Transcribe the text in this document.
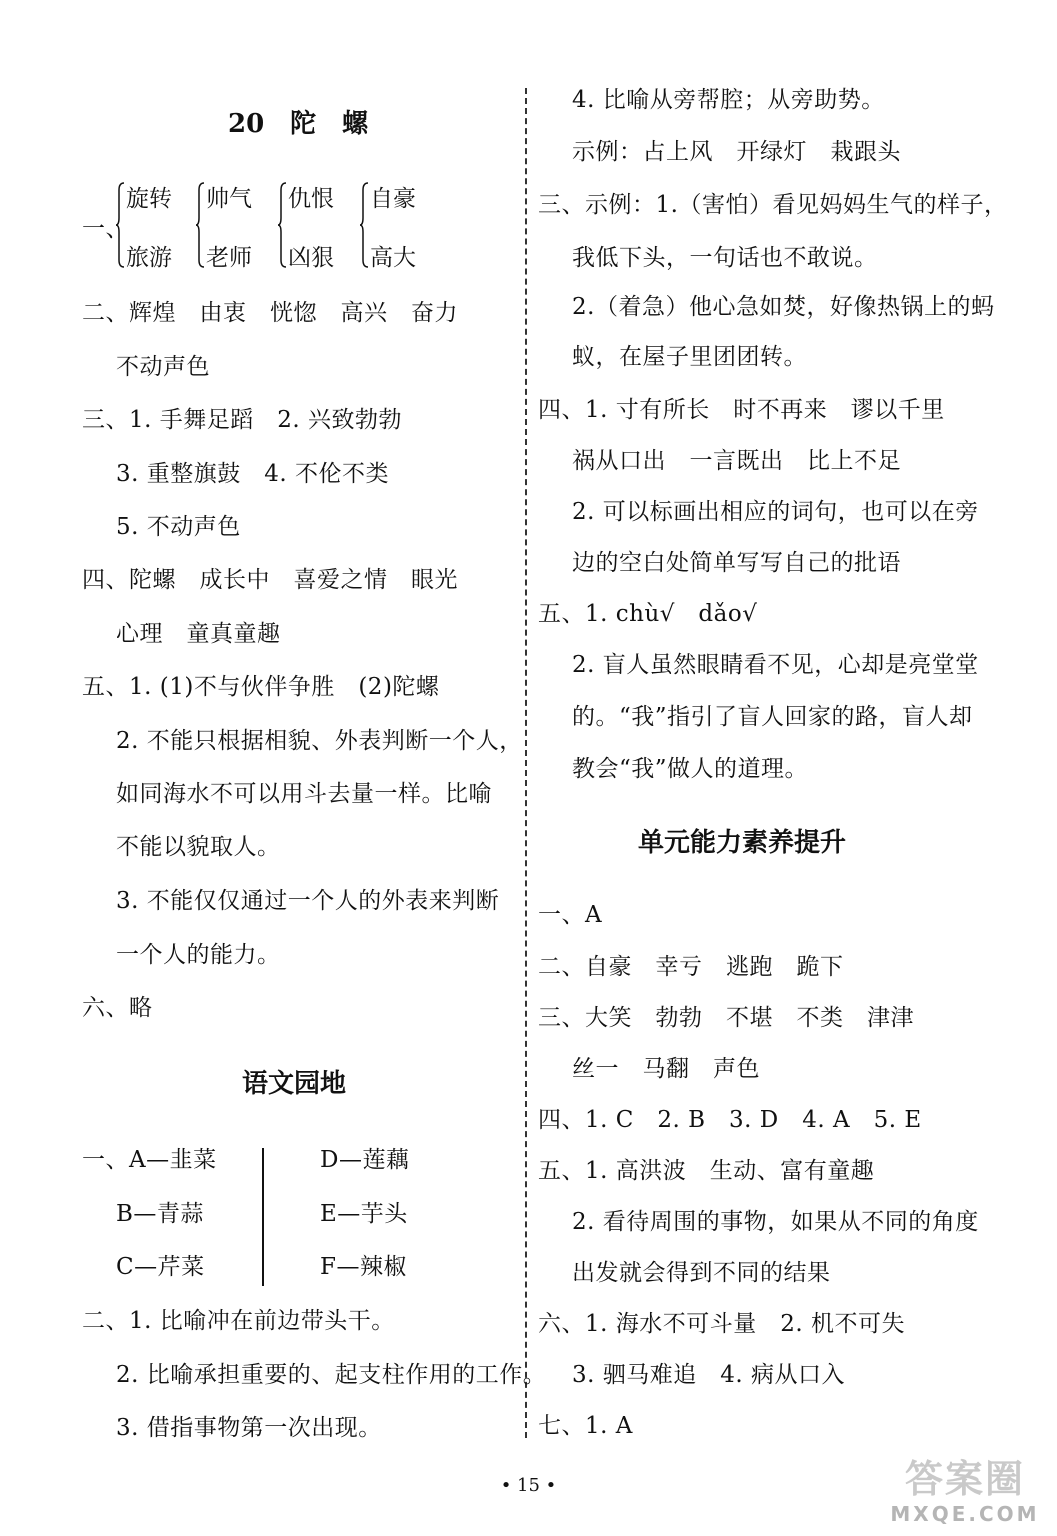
20　陀　螺
一、
旋转
旅游
帅气
老师
仇恨
凶狠
自豪
高大
二、辉煌　由衷　恍惚　高兴　奋力
不动声色
三、1. 手舞足蹈　2. 兴致勃勃
3. 重整旗鼓　4. 不伦不类
5. 不动声色
四、陀螺　成长中　喜爱之情　眼光
心理　童真童趣
五、1. (1)不与伙伴争胜　(2)陀螺
2. 不能只根据相貌、外表判断一个人，
如同海水不可以用斗去量一样。比喻
不能以貌取人。
3. 不能仅仅通过一个人的外表来判断
一个人的能力。
六、略
语文园地
一、A—韭菜
B—青蒜
C—芹菜
D—莲藕
E—芋头
F—辣椒
二、1. 比喻冲在前边带头干。
2. 比喻承担重要的、起支柱作用的工作。
3. 借指事物第一次出现。
4. 比喻从旁帮腔；从旁助势。
示例：占上风　开绿灯　栽跟头
三、示例：1.（害怕）看见妈妈生气的样子，
我低下头，一句话也不敢说。
2.（着急）他心急如焚，好像热锅上的蚂
蚁，在屋子里团团转。
四、1. 寸有所长　时不再来　谬以千里
祸从口出　一言既出　比上不足
2. 可以标画出相应的词句，也可以在旁
边的空白处简单写写自己的批语
五、1. chù√　dǎo√
2. 盲人虽然眼睛看不见，心却是亮堂堂
的。“我”指引了盲人回家的路，盲人却
教会“我”做人的道理。
单元能力素养提升
一、A
二、自豪　幸亏　逃跑　跪下
三、大笑　勃勃　不堪　不类　津津
丝一　马翻　声色
四、1. C　2. B　3. D　4. A　5. E
五、1. 高洪波　生动、富有童趣
2. 看待周围的事物，如果从不同的角度
出发就会得到不同的结果
六、1. 海水不可斗量　2. 机不可失
3. 驷马难追　4. 病从口入
七、1. A
• 15 •	答案圈
MXQE.COM
